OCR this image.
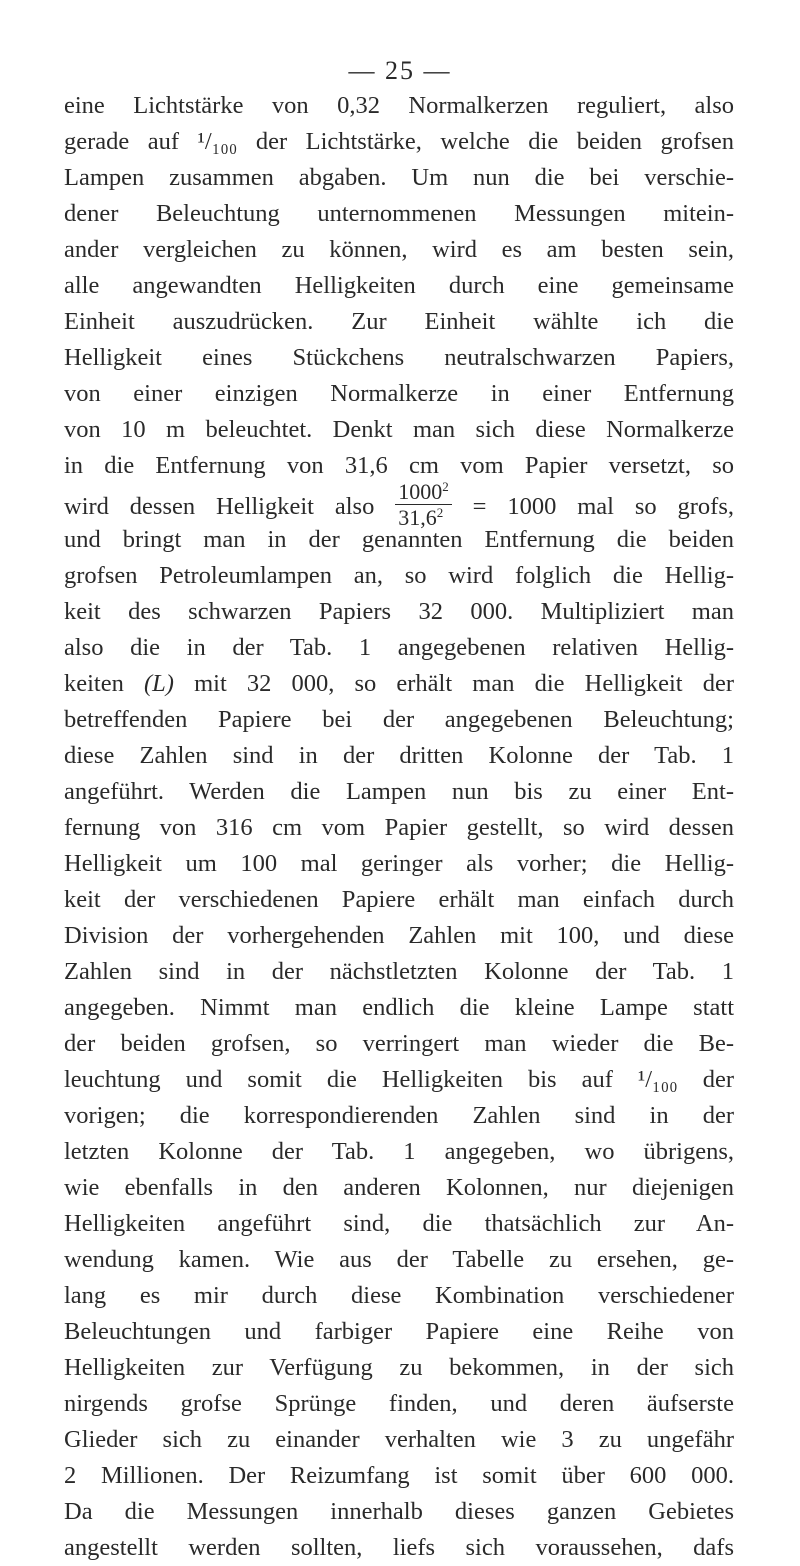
— 25 —
eine Lichtstärke von 0,32 Normalkerzen reguliert, also
gerade auf ¹/₁₀₀ der Lichtstärke, welche die beiden grofsen
Lampen zusammen abgaben. Um nun die bei verschie-
dener Beleuchtung unternommenen Messungen mitein-
ander vergleichen zu können, wird es am besten sein,
alle angewandten Helligkeiten durch eine gemeinsame
Einheit auszudrücken. Zur Einheit wählte ich die
Helligkeit eines Stückchens neutralschwarzen Papiers,
von einer einzigen Normalkerze in einer Entfernung
von 10 m beleuchtet. Denkt man sich diese Normalkerze
in die Entfernung von 31,6 cm vom Papier versetzt, so
wird dessen Helligkeit also $\frac{1000^2}{31,6^2} = 1000$ mal so grofs,
und bringt man in der genannten Entfernung die beiden
grofsen Petroleumlampen an, so wird folglich die Hellig-
keit des schwarzen Papiers 32 000. Multipliziert man
also die in der Tab. 1 angegebenen relativen Hellig-
keiten (L) mit 32 000, so erhält man die Helligkeit der
betreffenden Papiere bei der angegebenen Beleuchtung;
diese Zahlen sind in der dritten Kolonne der Tab. 1
angeführt. Werden die Lampen nun bis zu einer Ent-
fernung von 316 cm vom Papier gestellt, so wird dessen
Helligkeit um 100 mal geringer als vorher; die Hellig-
keit der verschiedenen Papiere erhält man einfach durch
Division der vorhergehenden Zahlen mit 100, und diese
Zahlen sind in der nächstletzten Kolonne der Tab. 1
angegeben. Nimmt man endlich die kleine Lampe statt
der beiden grofsen, so verringert man wieder die Be-
leuchtung und somit die Helligkeiten bis auf ¹/₁₀₀ der
vorigen; die korrespondierenden Zahlen sind in der
letzten Kolonne der Tab. 1 angegeben, wo übrigens,
wie ebenfalls in den anderen Kolonnen, nur diejenigen
Helligkeiten angeführt sind, die thatsächlich zur An-
wendung kamen. Wie aus der Tabelle zu ersehen, ge-
lang es mir durch diese Kombination verschiedener
Beleuchtungen und farbiger Papiere eine Reihe von
Helligkeiten zur Verfügung zu bekommen, in der sich
nirgends grofse Sprünge finden, und deren äufserste
Glieder sich zu einander verhalten wie 3 zu ungefähr
2 Millionen. Der Reizumfang ist somit über 600 000.
Da die Messungen innerhalb dieses ganzen Gebietes
angestellt werden sollten, liefs sich voraussehen, dafs
